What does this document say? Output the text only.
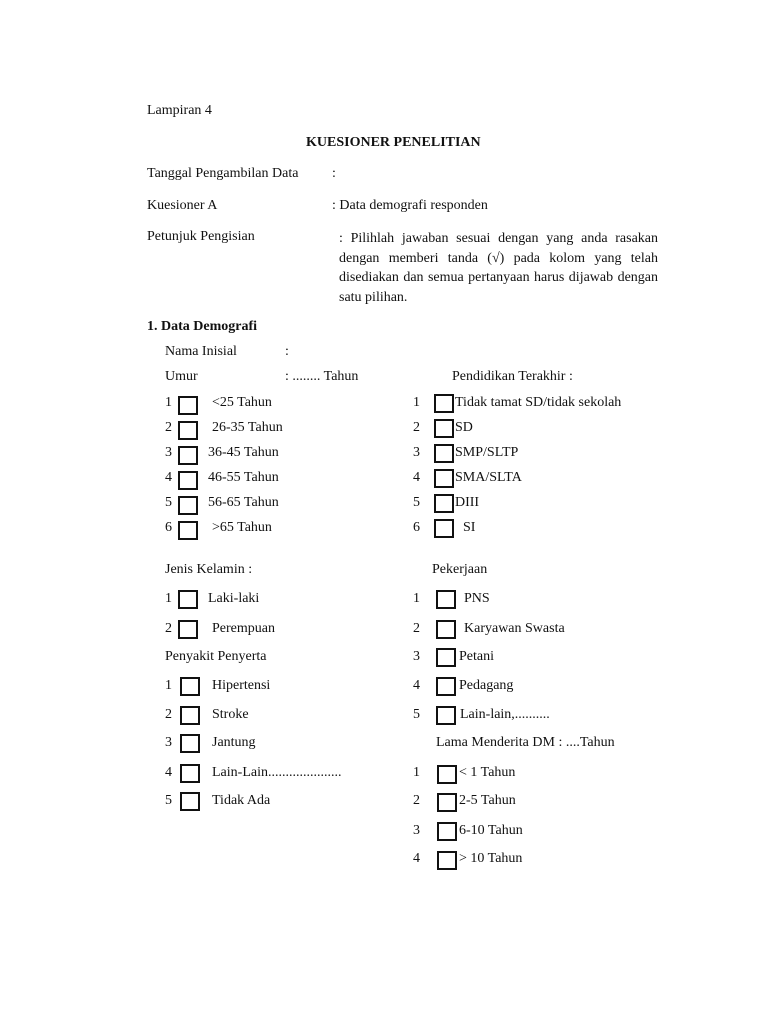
Lampiran 4
KUESIONER PENELITIAN
Tanggal Pengambilan Data :
Kuesioner A	: Data demografi responden
Petunjuk Pengisian	: Pilihlah jawaban sesuai dengan yang anda rasakan dengan memberi tanda (√) pada kolom yang telah disediakan dan semua pertanyaan harus dijawab dengan satu pilihan.
1. Data Demografi
Nama Inisial	:
Umur	: ........ Tahun	Pendidikan Terakhir :
1	<25 Tahun
2	26-35 Tahun
3	36-45 Tahun
4	46-55 Tahun
5	56-65 Tahun
6	>65 Tahun
1	Tidak tamat SD/tidak sekolah
2	SD
3	SMP/SLTP
4	SMA/SLTA
5	DIII
6	SI
Jenis Kelamin :	Pekerjaan
1	Laki-laki
2	Perempuan
1	PNS
2	Karyawan Swasta
3	Petani
4	Pedagang
5	Lain-lain,..........
Penyakit Penyerta
1	Hipertensi
2	Stroke
3	Jantung
4	Lain-Lain.....................
5	Tidak Ada
Lama Menderita DM : ....Tahun
1	< 1 Tahun
2	2-5 Tahun
3	6-10 Tahun
4	> 10 Tahun
